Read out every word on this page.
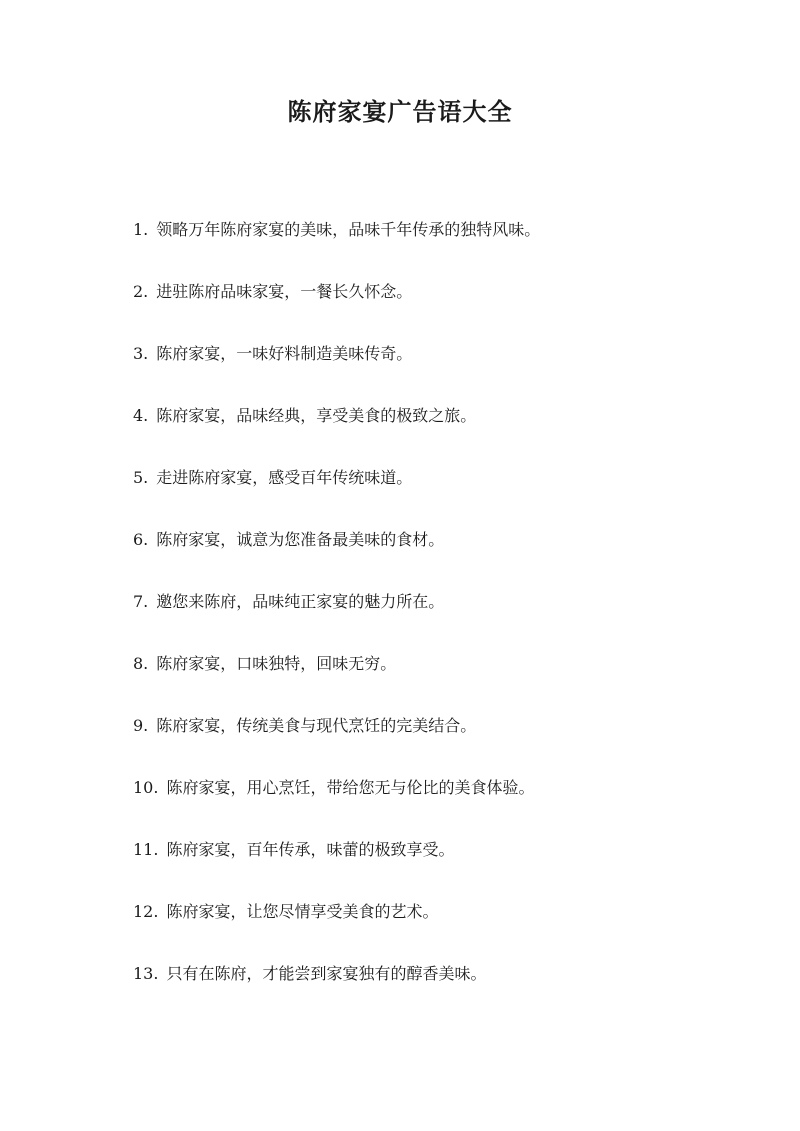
陈府家宴广告语大全
1. 领略万年陈府家宴的美味，品味千年传承的独特风味。
2. 进驻陈府品味家宴，一餐长久怀念。
3. 陈府家宴，一味好料制造美味传奇。
4. 陈府家宴，品味经典，享受美食的极致之旅。
5. 走进陈府家宴，感受百年传统味道。
6. 陈府家宴，诚意为您准备最美味的食材。
7. 邀您来陈府，品味纯正家宴的魅力所在。
8. 陈府家宴，口味独特，回味无穷。
9. 陈府家宴，传统美食与现代烹饪的完美结合。
10. 陈府家宴，用心烹饪，带给您无与伦比的美食体验。
11. 陈府家宴，百年传承，味蕾的极致享受。
12. 陈府家宴，让您尽情享受美食的艺术。
13. 只有在陈府，才能尝到家宴独有的醇香美味。
